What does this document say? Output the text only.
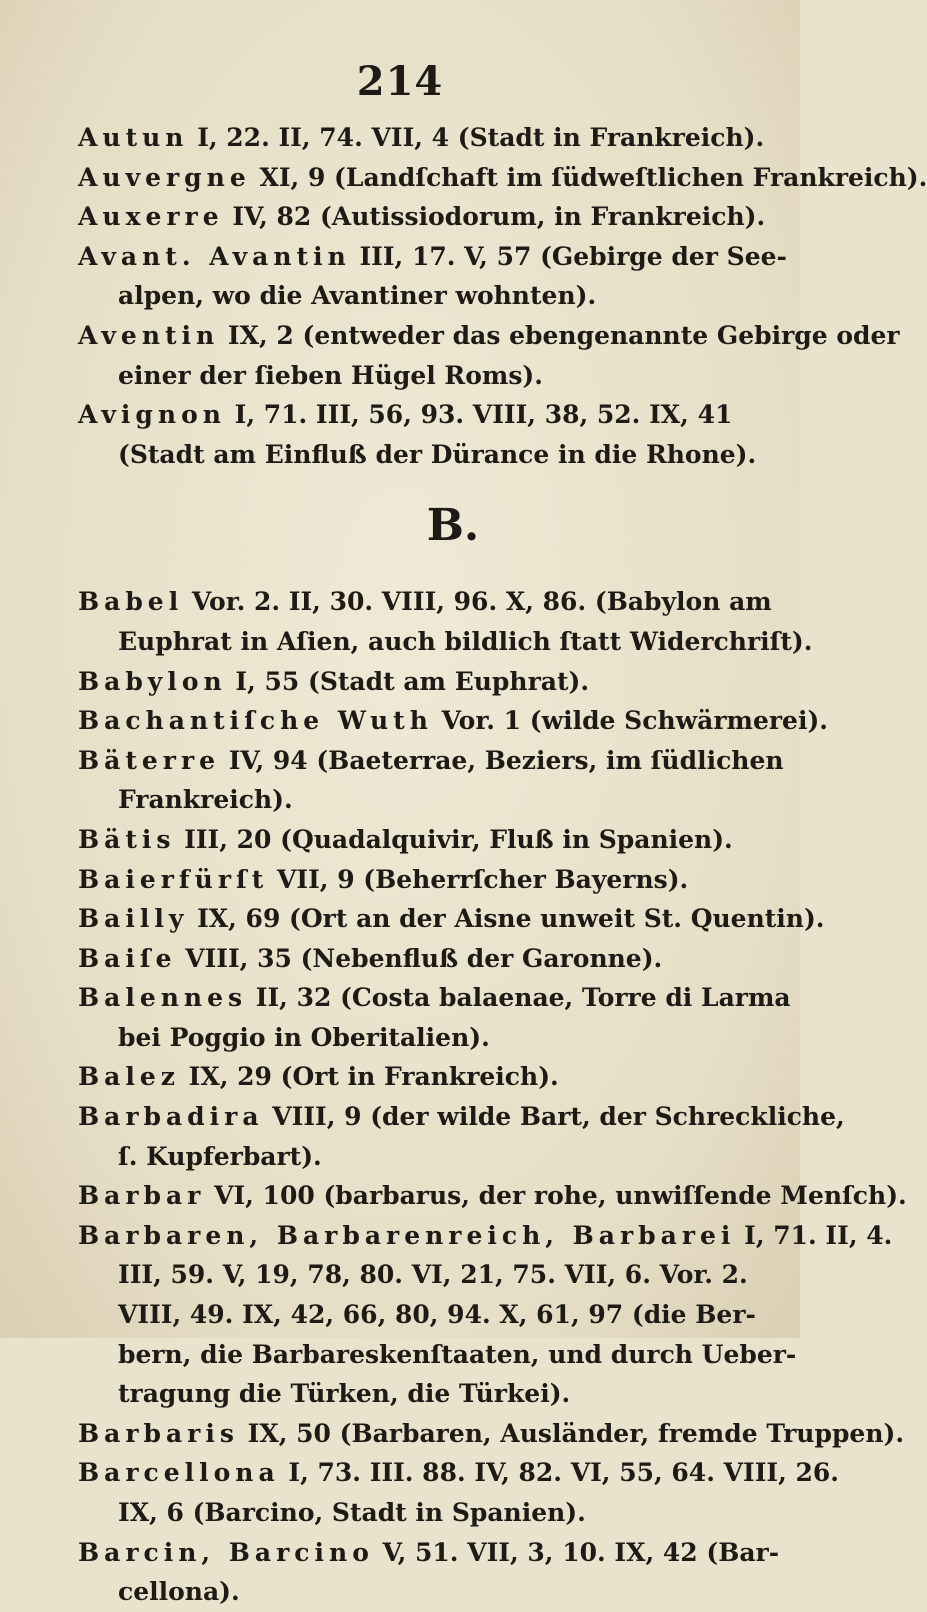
214

Autun I, 22. II, 74. VII, 4 (Stadt in Frankreich).

Auvergne XI, 9 (Landſchaft im ſüdweſtlichen Frankreich).

Auxerre IV, 82 (Autissiodorum, in Frankreich).

Avant. Avantin III, 17. V, 57 (Gebirge der See-
alpen, wo die Avantiner wohnten).

Aventin IX, 2 (entweder das ebengenannte Gebirge oder
einer der ſieben Hügel Roms).

Avignon I, 71. III, 56, 93. VIII, 38, 52. IX, 41
(Stadt am Einfluß der Dürance in die Rhone).

B.

Babel Vor. 2. II, 30. VIII, 96. X, 86. (Babylon am
Euphrat in Aſien, auch bildlich ſtatt Widerchriſt).

Babylon I, 55 (Stadt am Euphrat).

Bachantiſche Wuth Vor. 1 (wilde Schwärmerei).

Bäterre IV, 94 (Baeterrae, Beziers, im ſüdlichen
Frankreich).

Bätis III, 20 (Quadalquivir, Fluß in Spanien).

Baierfürſt VII, 9 (Beherrſcher Bayerns).

Bailly IX, 69 (Ort an der Aisne unweit St. Quentin).

Baiſe VIII, 35 (Nebenfluß der Garonne).

Balennes II, 32 (Costa balaenae, Torre di Larma
bei Poggio in Oberitalien).

Balez IX, 29 (Ort in Frankreich).

Barbadira VIII, 9 (der wilde Bart, der Schreckliche,
ſ. Kupferbart).

Barbar VI, 100 (barbarus, der rohe, unwiſſende Menſch).

Barbaren, Barbarenreich, Barbarei I, 71. II, 4.
III, 59. V, 19, 78, 80. VI, 21, 75. VII, 6. Vor. 2.
VIII, 49. IX, 42, 66, 80, 94. X, 61, 97 (die Ber-
bern, die Barbareskenſtaaten, und durch Ueber-
tragung die Türken, die Türkei).

Barbaris IX, 50 (Barbaren, Ausländer, fremde Truppen).

Barcellona I, 73. III. 88. IV, 82. VI, 55, 64. VIII, 26.
IX, 6 (Barcino, Stadt in Spanien).

Barcin, Barcino V, 51. VII, 3, 10. IX, 42 (Bar-
cellona).
